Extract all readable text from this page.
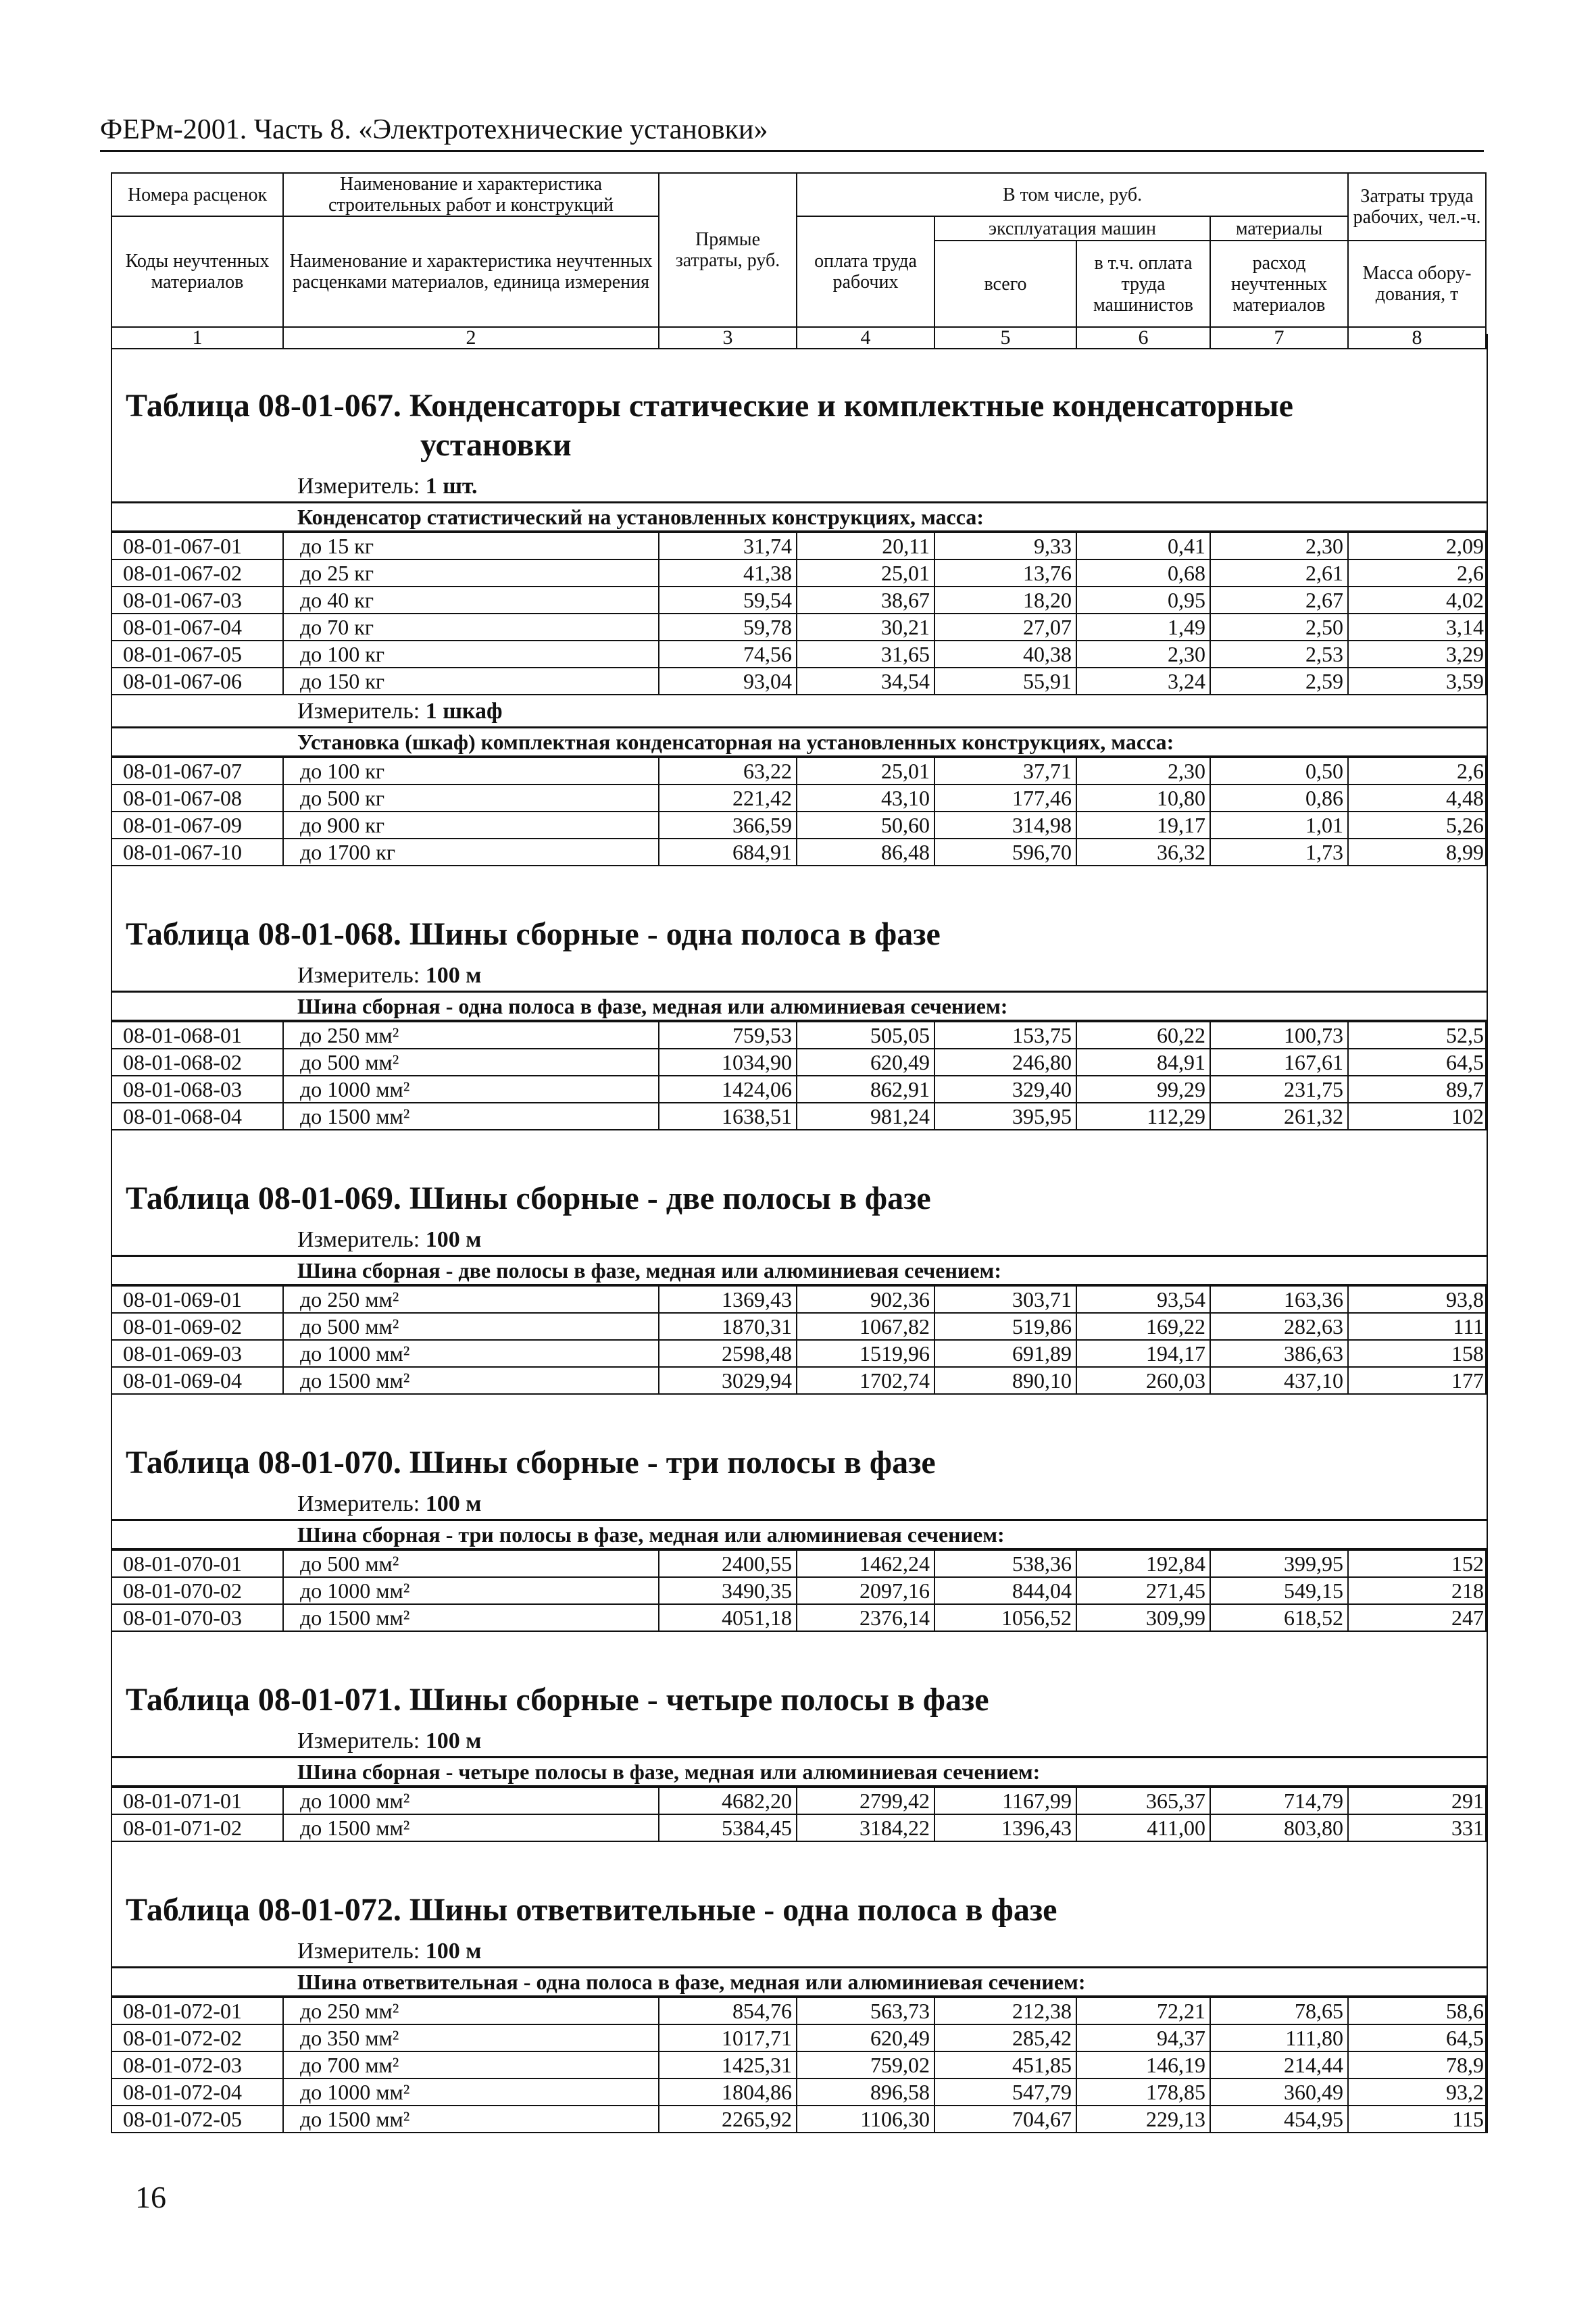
ФЕРм-2001. Часть 8. «Электротехнические установки»
Номера расценок	Наименование и характеристика строительных работ и конструкций	Прямые затраты, руб.	В том числе, руб.				Затраты труда рабочих, чел.-ч.
Коды неучтенных материалов	Наименование и характеристика неучтенных расценками материалов, единица измерения		оплата труда рабочих	эксплуатация машин		материалы	
				всего	в т.ч. оплата труда машинистов	расход неучтенных материалов	Масса обору-дования, т
1	2	3	4	5	6	7	8
Таблица 08-01-067. Конденсаторы статические и комплектные конденсаторные
установки
Измеритель: 1 шт.
Конденсатор статистический на установленных конструкциях, масса:
08-01-067-01	до 15 кг	31,74	20,11	9,33	0,41	2,30	2,09
08-01-067-02	до 25 кг	41,38	25,01	13,76	0,68	2,61	2,6
08-01-067-03	до 40 кг	59,54	38,67	18,20	0,95	2,67	4,02
08-01-067-04	до 70 кг	59,78	30,21	27,07	1,49	2,50	3,14
08-01-067-05	до 100 кг	74,56	31,65	40,38	2,30	2,53	3,29
08-01-067-06	до 150 кг	93,04	34,54	55,91	3,24	2,59	3,59
Измеритель: 1 шкаф
Установка (шкаф) комплектная конденсаторная на установленных конструкциях, масса:
08-01-067-07	до 100 кг	63,22	25,01	37,71	2,30	0,50	2,6
08-01-067-08	до 500 кг	221,42	43,10	177,46	10,80	0,86	4,48
08-01-067-09	до 900 кг	366,59	50,60	314,98	19,17	1,01	5,26
08-01-067-10	до 1700 кг	684,91	86,48	596,70	36,32	1,73	8,99
Таблица 08-01-068. Шины сборные - одна полоса в фазе
Измеритель: 100 м
Шина сборная - одна полоса в фазе, медная или алюминиевая сечением:
08-01-068-01	до 250 мм²	759,53	505,05	153,75	60,22	100,73	52,5
08-01-068-02	до 500 мм²	1034,90	620,49	246,80	84,91	167,61	64,5
08-01-068-03	до 1000 мм²	1424,06	862,91	329,40	99,29	231,75	89,7
08-01-068-04	до 1500 мм²	1638,51	981,24	395,95	112,29	261,32	102
Таблица 08-01-069. Шины сборные - две полосы в фазе
Измеритель: 100 м
Шина сборная - две полосы в фазе, медная или алюминиевая сечением:
08-01-069-01	до 250 мм²	1369,43	902,36	303,71	93,54	163,36	93,8
08-01-069-02	до 500 мм²	1870,31	1067,82	519,86	169,22	282,63	111
08-01-069-03	до 1000 мм²	2598,48	1519,96	691,89	194,17	386,63	158
08-01-069-04	до 1500 мм²	3029,94	1702,74	890,10	260,03	437,10	177
Таблица 08-01-070. Шины сборные - три полосы в фазе
Измеритель: 100 м
Шина сборная - три полосы в фазе, медная или алюминиевая сечением:
08-01-070-01	до 500 мм²	2400,55	1462,24	538,36	192,84	399,95	152
08-01-070-02	до 1000 мм²	3490,35	2097,16	844,04	271,45	549,15	218
08-01-070-03	до 1500 мм²	4051,18	2376,14	1056,52	309,99	618,52	247
Таблица 08-01-071. Шины сборные - четыре полосы в фазе
Измеритель: 100 м
Шина сборная - четыре полосы в фазе, медная или алюминиевая сечением:
08-01-071-01	до 1000 мм²	4682,20	2799,42	1167,99	365,37	714,79	291
08-01-071-02	до 1500 мм²	5384,45	3184,22	1396,43	411,00	803,80	331
Таблица 08-01-072. Шины ответвительные - одна полоса в фазе
Измеритель: 100 м
Шина ответвительная - одна полоса в фазе, медная или алюминиевая сечением:
08-01-072-01	до 250 мм²	854,76	563,73	212,38	72,21	78,65	58,6
08-01-072-02	до 350 мм²	1017,71	620,49	285,42	94,37	111,80	64,5
08-01-072-03	до 700 мм²	1425,31	759,02	451,85	146,19	214,44	78,9
08-01-072-04	до 1000 мм²	1804,86	896,58	547,79	178,85	360,49	93,2
08-01-072-05	до 1500 мм²	2265,92	1106,30	704,67	229,13	454,95	115
16
